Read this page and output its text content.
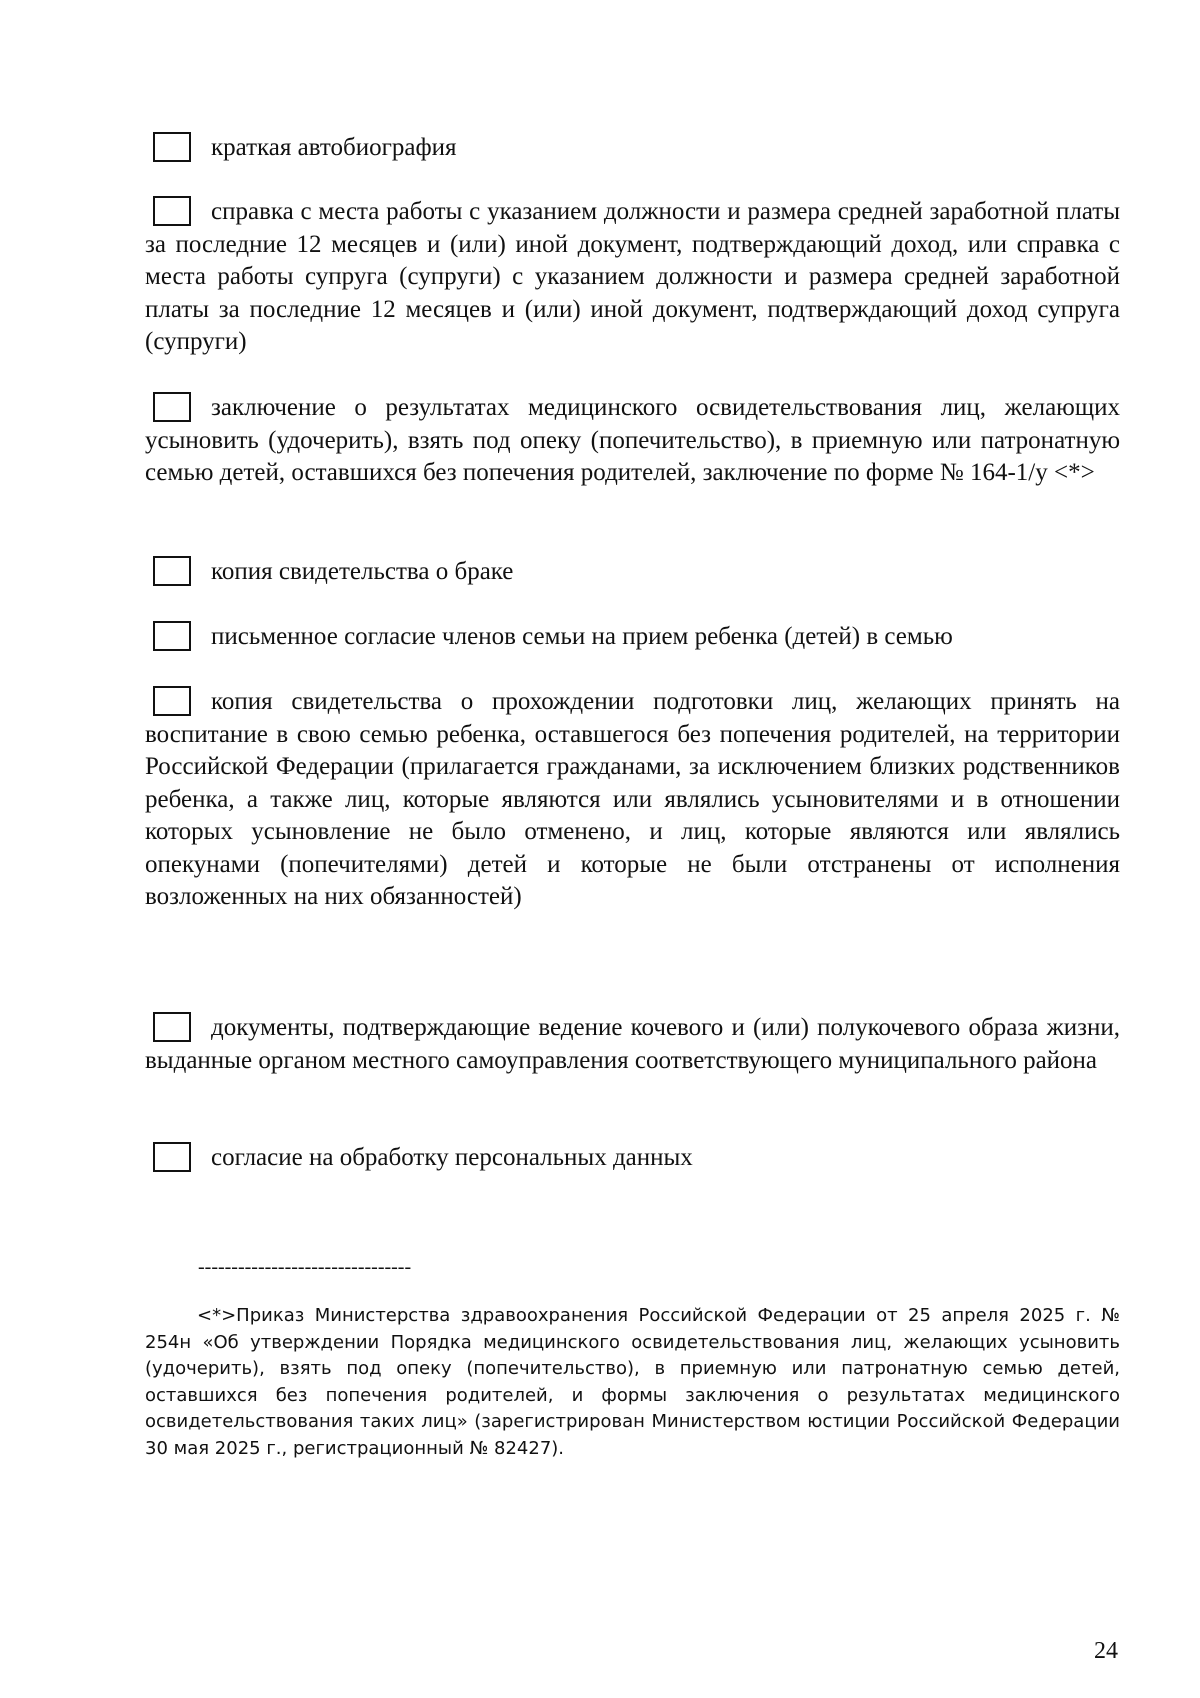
краткая автобиография

справка с места работы с указанием должности и размера средней заработной платы за последние 12 месяцев и (или) иной документ, подтверждающий доход, или справка с места работы супруга (супруги) с указанием должности и размера средней заработной платы за последние 12 месяцев и (или) иной документ, подтверждающий доход супруга (супруги)

заключение о результатах медицинского освидетельствования лиц, желающих усыновить (удочерить), взять под опеку (попечительство), в приемную или патронатную семью детей, оставшихся без попечения родителей, заключение по форме № 164-1/у <*>

копия свидетельства о браке

письменное согласие членов семьи на прием ребенка (детей) в семью

копия свидетельства о прохождении подготовки лиц, желающих принять на воспитание в свою семью ребенка, оставшегося без попечения родителей, на территории Российской Федерации (прилагается гражданами, за исключением близких родственников ребенка, а также лиц, которые являются или являлись усыновителями и в отношении которых усыновление не было отменено, и лиц, которые являются или являлись опекунами (попечителями) детей и которые не были отстранены от исполнения возложенных на них обязанностей)

документы, подтверждающие ведение кочевого и (или) полукочевого образа жизни, выданные органом местного самоуправления соответствующего муниципального района

согласие на обработку персональных данных

--------------------------------

<*>Приказ Министерства здравоохранения Российской Федерации от 25 апреля 2025 г. № 254н «Об утверждении Порядка медицинского освидетельствования лиц, желающих усыновить (удочерить), взять под опеку (попечительство), в приемную или патронатную семью детей, оставшихся без попечения родителей, и формы заключения о результатах медицинского освидетельствования таких лиц» (зарегистрирован Министерством юстиции Российской Федерации 30 мая 2025 г., регистрационный № 82427).

24
